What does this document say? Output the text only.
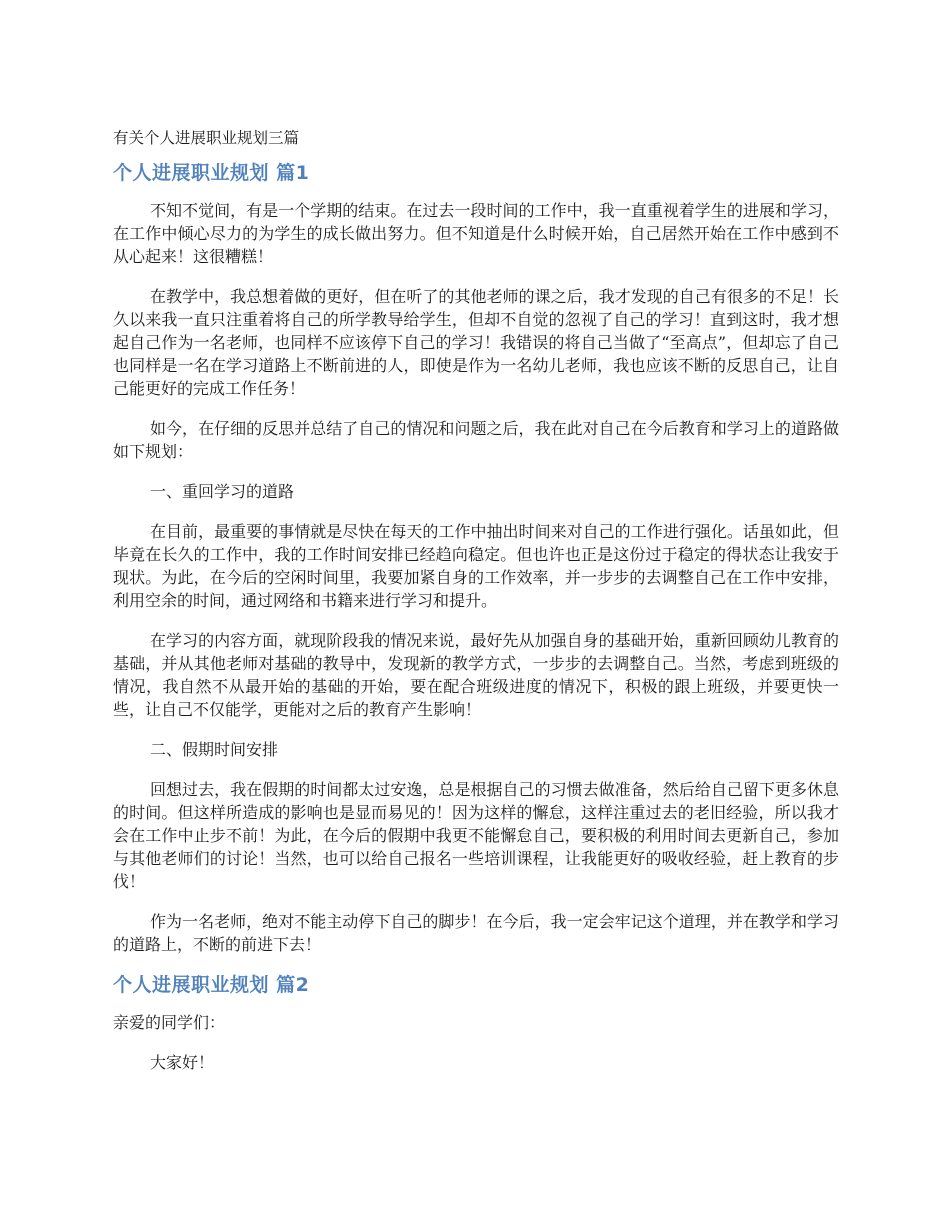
有关个人进展职业规划三篇
个人进展职业规划 篇1

不知不觉间，有是一个学期的结束。在过去一段时间的工作中，我一直重视着学生的进展和学习，在工作中倾心尽力的为学生的成长做出努力。但不知道是什么时候开始，自己居然开始在工作中感到不从心起来！这很糟糕！

在教学中，我总想着做的更好，但在听了的其他老师的课之后，我才发现的自己有很多的不足！长久以来我一直只注重着将自己的所学教导给学生，但却不自觉的忽视了自己的学习！直到这时，我才想起自己作为一名老师，也同样不应该停下自己的学习！我错误的将自己当做了“至高点”，但却忘了自己也同样是一名在学习道路上不断前进的人，即使是作为一名幼儿老师，我也应该不断的反思自己，让自己能更好的完成工作任务！

如今，在仔细的反思并总结了自己的情况和问题之后，我在此对自己在今后教育和学习上的道路做如下规划：

一、重回学习的道路

在目前，最重要的事情就是尽快在每天的工作中抽出时间来对自己的工作进行强化。话虽如此，但毕竟在长久的工作中，我的工作时间安排已经趋向稳定。但也许也正是这份过于稳定的得状态让我安于现状。为此，在今后的空闲时间里，我要加紧自身的工作效率，并一步步的去调整自己在工作中安排，利用空余的时间，通过网络和书籍来进行学习和提升。

在学习的内容方面，就现阶段我的情况来说，最好先从加强自身的基础开始，重新回顾幼儿教育的基础，并从其他老师对基础的教导中，发现新的教学方式，一步步的去调整自己。当然，考虑到班级的情况，我自然不从最开始的基础的开始，要在配合班级进度的情况下，积极的跟上班级，并要更快一些，让自己不仅能学，更能对之后的教育产生影响！

二、假期时间安排

回想过去，我在假期的时间都太过安逸，总是根据自己的习惯去做准备，然后给自己留下更多休息的时间。但这样所造成的影响也是显而易见的！因为这样的懈怠，这样注重过去的老旧经验，所以我才会在工作中止步不前！为此，在今后的假期中我更不能懈怠自己，要积极的利用时间去更新自己，参加与其他老师们的讨论！当然，也可以给自己报名一些培训课程，让我能更好的吸收经验，赶上教育的步伐！

作为一名老师，绝对不能主动停下自己的脚步！在今后，我一定会牢记这个道理，并在教学和学习的道路上，不断的前进下去！

个人进展职业规划 篇2

亲爱的同学们：

大家好！
